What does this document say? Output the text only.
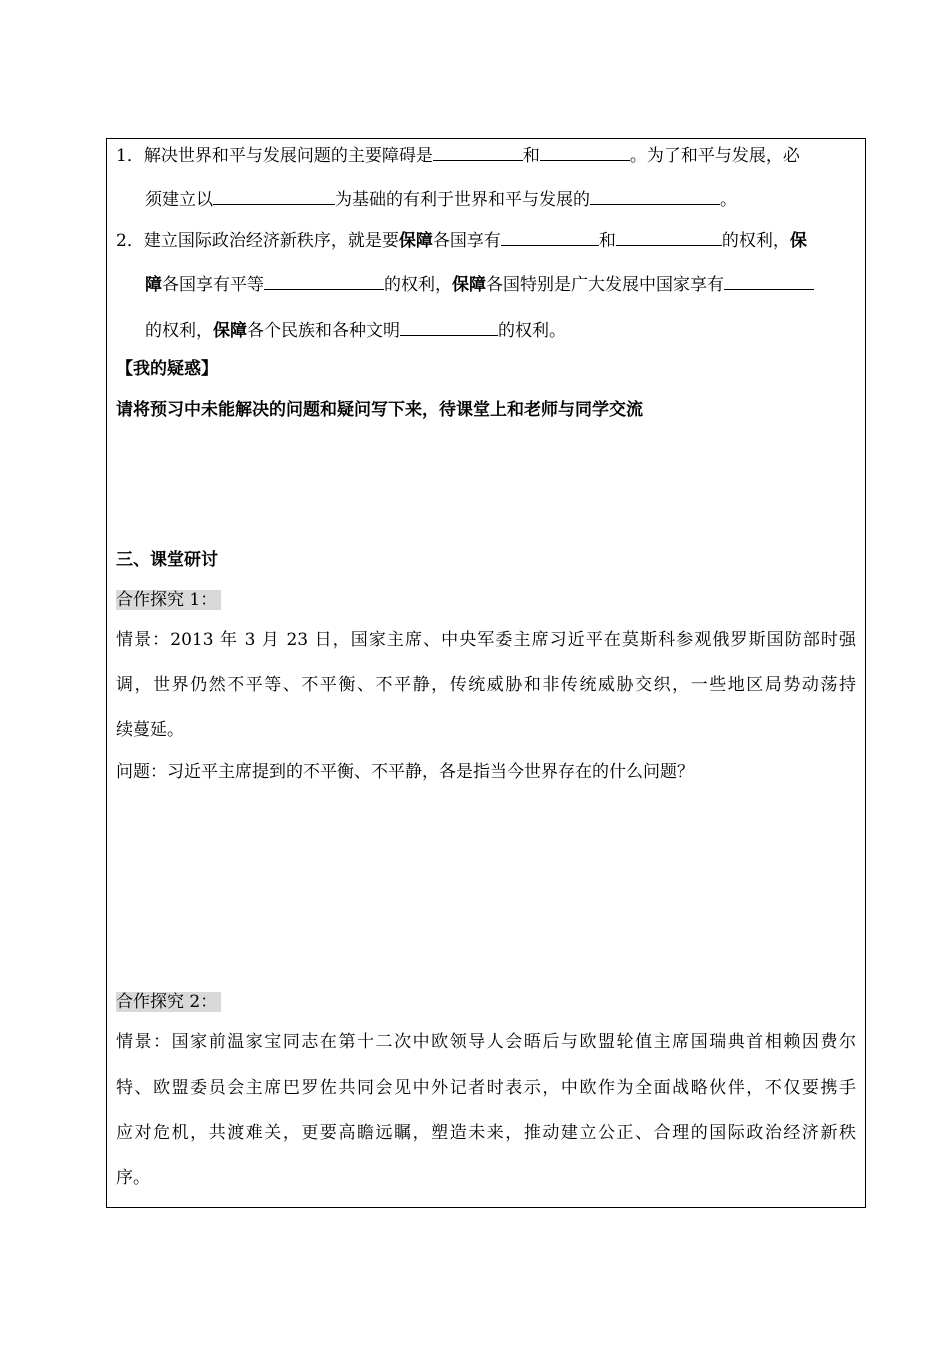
1．解决世界和平与发展问题的主要障碍是	和	。为了和平与发展，必
须建立以	为基础的有利于世界和平与发展的	。
2．建立国际政治经济新秩序，就是要保障各国享有	和	的权利，保
障各国享有平等	的权利，保障各国特别是广大发展中国家享有
的权利，保障各个民族和各种文明	的权利。
【我的疑惑】
请将预习中未能解决的问题和疑问写下来，待课堂上和老师与同学交流
三、课堂研讨
合作探究 1：
情景：2013 年 3 月 23 日，国家主席、中央军委主席习近平在莫斯科参观俄罗斯国防部时强
调，世界仍然不平等、不平衡、不平静，传统威胁和非传统威胁交织，一些地区局势动荡持
续蔓延。
问题：习近平主席提到的不平衡、不平静，各是指当今世界存在的什么问题？
合作探究 2：
情景：国家前温家宝同志在第十二次中欧领导人会晤后与欧盟轮值主席国瑞典首相赖因费尔
特、欧盟委员会主席巴罗佐共同会见中外记者时表示，中欧作为全面战略伙伴，不仅要携手
应对危机，共渡难关，更要高瞻远瞩，塑造未来，推动建立公正、合理的国际政治经济新秩
序。
